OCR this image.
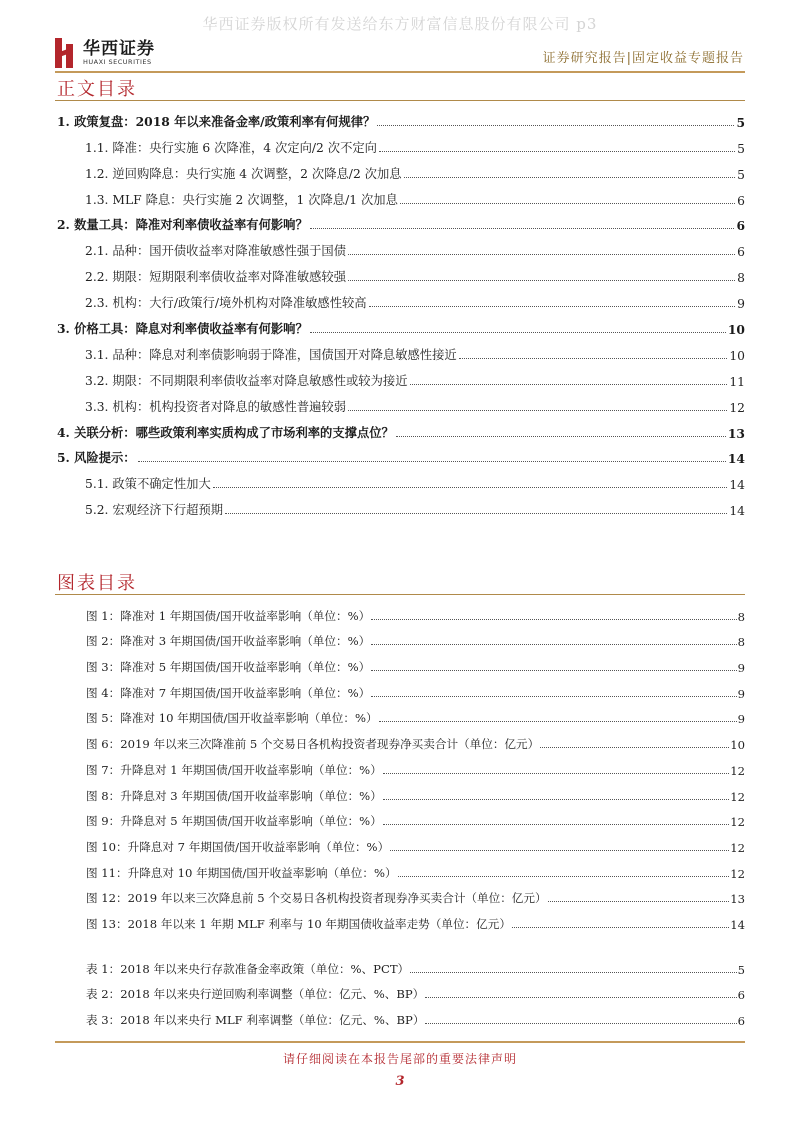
华西证券版权所有发送给东方财富信息股份有限公司 p3
华西证券
HUAXI SECURITIES	证券研究报告|固定收益专题报告
正文目录
1. 政策复盘：2018 年以来准备金率/政策利率有何规律？	5
1.1. 降准：央行实施 6 次降准，4 次定向/2 次不定向	5
1.2. 逆回购降息：央行实施 4 次调整，2 次降息/2 次加息	5
1.3. MLF 降息：央行实施 2 次调整，1 次降息/1 次加息	6
2. 数量工具：降准对利率债收益率有何影响？	6
2.1. 品种：国开债收益率对降准敏感性强于国债	6
2.2. 期限：短期限利率债收益率对降准敏感较强	8
2.3. 机构：大行/政策行/境外机构对降准敏感性较高	9
3. 价格工具：降息对利率债收益率有何影响？	10
3.1. 品种：降息对利率债影响弱于降准，国债国开对降息敏感性接近	10
3.2. 期限：不同期限利率债收益率对降息敏感性或较为接近	11
3.3. 机构：机构投资者对降息的敏感性普遍较弱	12
4. 关联分析：哪些政策利率实质构成了市场利率的支撑点位？	13
5. 风险提示：	14
5.1. 政策不确定性加大	14
5.2. 宏观经济下行超预期	14
图表目录
图 1：降准对 1 年期国债/国开收益率影响（单位：%）	8
图 2：降准对 3 年期国债/国开收益率影响（单位：%）	8
图 3：降准对 5 年期国债/国开收益率影响（单位：%）	9
图 4：降准对 7 年期国债/国开收益率影响（单位：%）	9
图 5：降准对 10 年期国债/国开收益率影响（单位：%）	9
图 6：2019 年以来三次降准前 5 个交易日各机构投资者现券净买卖合计（单位：亿元）	10
图 7：升降息对 1 年期国债/国开收益率影响（单位：%）	12
图 8：升降息对 3 年期国债/国开收益率影响（单位：%）	12
图 9：升降息对 5 年期国债/国开收益率影响（单位：%）	12
图 10：升降息对 7 年期国债/国开收益率影响（单位：%）	12
图 11：升降息对 10 年期国债/国开收益率影响（单位：%）	12
图 12：2019 年以来三次降息前 5 个交易日各机构投资者现券净买卖合计（单位：亿元）	13
图 13：2018 年以来 1 年期 MLF 利率与 10 年期国债收益率走势（单位：亿元）	14
表 1：2018 年以来央行存款准备金率政策（单位：%、PCT）	5
表 2：2018 年以来央行逆回购利率调整（单位：亿元、%、BP）	6
表 3：2018 年以来央行 MLF 利率调整（单位：亿元、%、BP）	6
请仔细阅读在本报告尾部的重要法律声明
3
